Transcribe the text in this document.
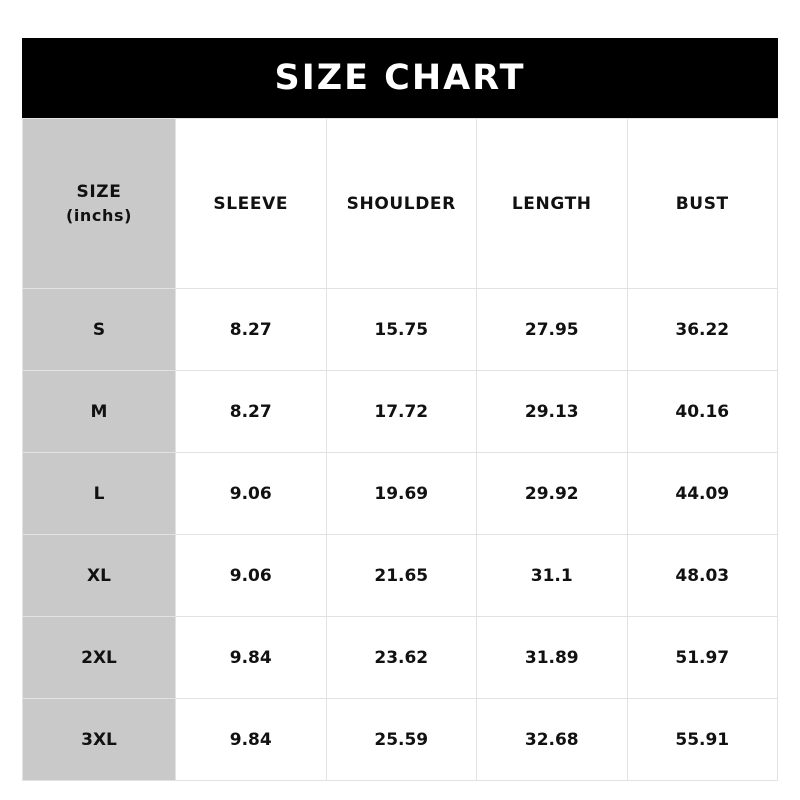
SIZE CHART
SIZE
(inchs)	SLEEVE	SHOULDER	LENGTH	BUST
S	8.27	15.75	27.95	36.22
M	8.27	17.72	29.13	40.16
L	9.06	19.69	29.92	44.09
XL	9.06	21.65	31.1	48.03
2XL	9.84	23.62	31.89	51.97
3XL	9.84	25.59	32.68	55.91
